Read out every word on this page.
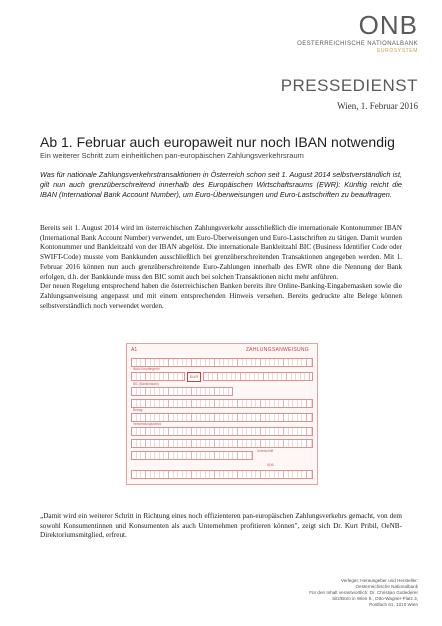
ONB
OESTERREICHISCHE NATIONALBANK
EUROSYSTEM
PRESSEDIENST
Wien, 1. Februar 2016
Ab 1. Februar auch europaweit nur noch IBAN notwendig
Ein weiterer Schritt zum einheitlichen pan-europäischen Zahlungsverkehrsraum
Was für nationale Zahlungsverkehrstransaktionen in Österreich schon seit 1. August 2014 selbstverständlich ist, gilt nun auch grenzüberschreitend innerhalb des Europäischen Wirtschaftsraums (EWR): Künftig reicht die IBAN (International Bank Account Number), um Euro-Überweisungen und Euro-Lastschriften zu beauftragen.

Bereits seit 1. August 2014 wird im österreichischen Zahlungsverkehr ausschließlich die internationale Kontonummer IBAN (International Bank Account Number) verwendet, um Euro-Überweisungen und Euro-Lastschriften zu tätigen. Damit wurden Kontonummer und Bankleitzahl von der IBAN abgelöst. Die internationale Bankleitzahl BIC (Business Identifier Code oder SWIFT-Code) musste vom Bankkunden ausschließlich bei grenzüberschreitenden Transaktionen angegeben werden. Mit 1. Februar 2016 können nun auch grenzüberschreitende Euro-Zahlungen innerhalb des EWR ohne die Nennung der Bank erfolgen, d.h. der Bankkunde muss den BIC somit auch bei solchen Transaktionen nicht mehr anführen.

Der neuen Regelung entsprechend haben die österreichischen Banken bereits ihre Online-Banking-Eingabemasken sowie die Zahlungsanweisung angepasst und mit einem entsprechenden Hinweis versehen. Bereits gedruckte alte Belege können selbstverständlich noch verwendet werden.

A1	ZAHLUNGSANWEISUNG
IBAN EmpfängerIn
EUR
BIC (Bankleitzahl)
Betrag
Verwendungszweck
Unterschrift
006
„Damit wird ein weiterer Schritt in Richtung eines noch effizienteren pan-europäischen Zahlungsverkehrs gemacht, von dem sowohl Konsumentinnen und Konsumenten als auch Unternehmen profitieren können", zeigt sich Dr. Kurt Pribil, OeNB-Direktoriumsmitglied, erfreut.
Verleger, Herausgeber und Hersteller:
Oesterreichische Nationalbank
Für den Inhalt verantwortlich: Dr. Christian Gutlederer
Sitz/Büro in Wien 9., Otto-Wagner-Platz 3,
Postfach 61, 1010 Wien
